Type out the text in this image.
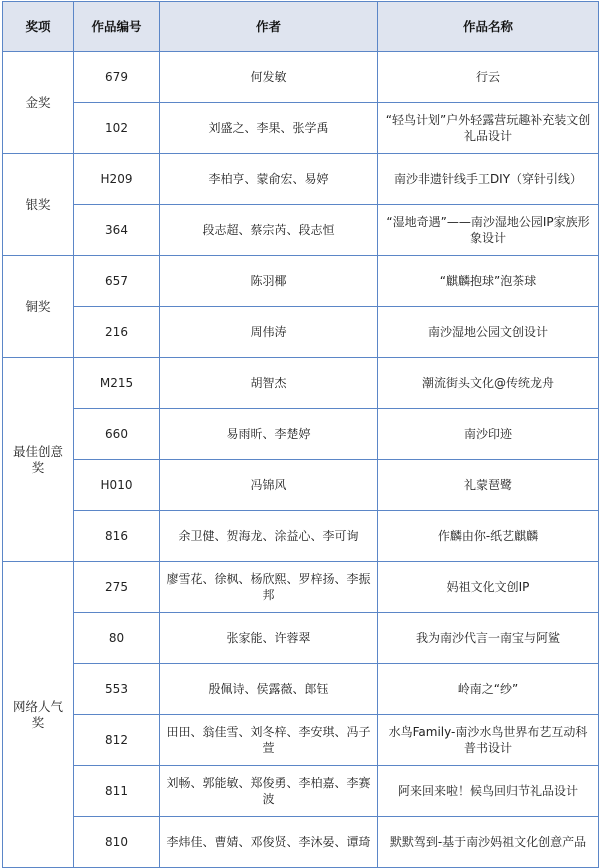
奖项	作品编号	作者	作品名称
金奖	679	何发敏	行云
	102	刘盛之、李果、张学禹	“轻鸟计划”户外轻露营玩趣补充装文创礼品设计
银奖	H209	李柏亨、蒙俞宏、易婷	南沙非遗针线手工DIY（穿针引线）
	364	段志超、蔡宗芮、段志恒	“湿地奇遇”——南沙湿地公园IP家族形象设计
铜奖	657	陈羽椰	“麒麟抱球”泡茶球
	216	周伟涛	南沙湿地公园文创设计
最佳创意奖	M215	胡智杰	潮流街头文化@传统龙舟
	660	易雨昕、李楚婷	南沙印迹
	H010	冯锦风	礼蒙琶鹭
	816	余卫健、贺海龙、涂益心、李可询	作麟由你-纸艺麒麟
网络人气奖	275	廖雪花、徐枫、杨欣熙、罗梓扬、李振邦	妈祖文化文创IP
	80	张家能、许蓉翠	我为南沙代言一南宝与阿鲨
	553	殷佩诗、侯露薇、郎钰	岭南之“纱”
	812	田田、翁佳雪、刘冬梓、李安琪、冯子萱	水鸟Family-南沙水鸟世界布艺互动科普书设计
	811	刘畅、郭能敏、郑俊勇、李柏嘉、李赛波	阿来回来啦！候鸟回归节礼品设计
	810	李炜佳、曹婧、邓俊贤、李沐晏、谭琦	默默驾到-基于南沙妈祖文化创意产品
